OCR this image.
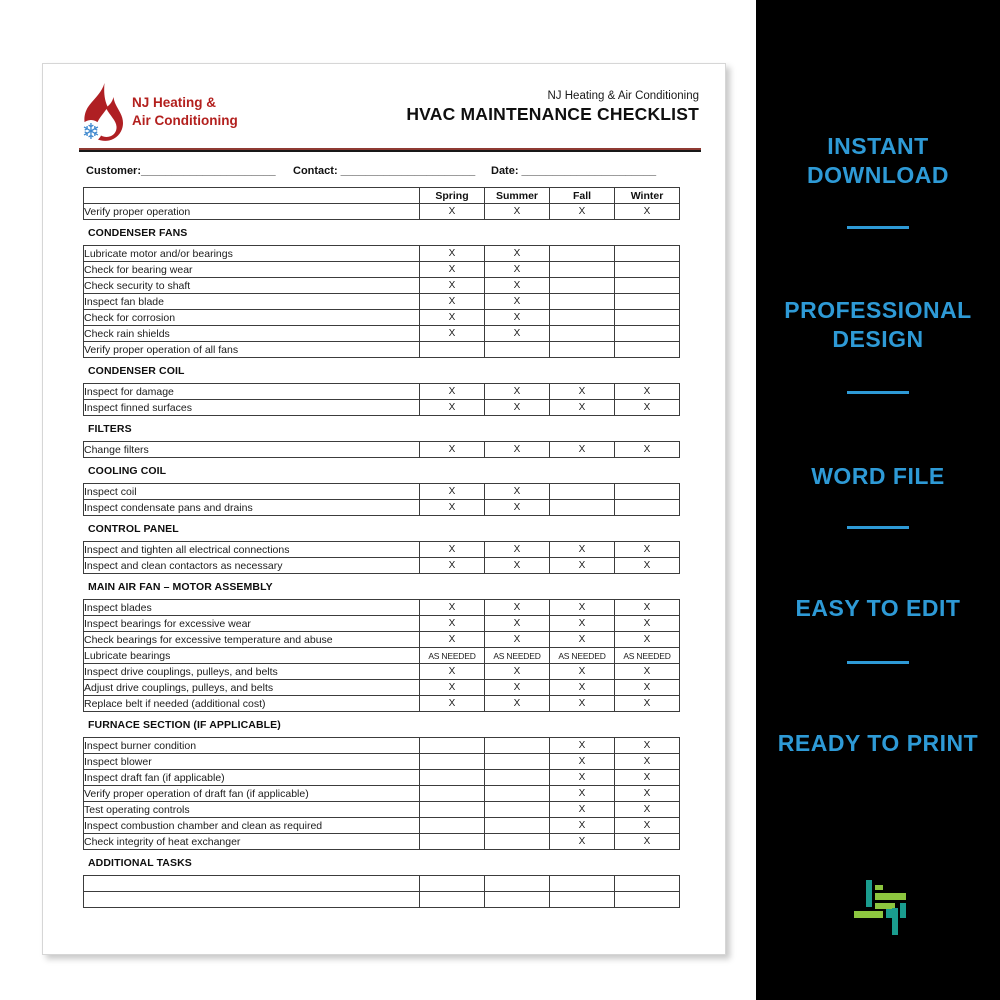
❄
NJ Heating &
Air Conditioning
NJ Heating & Air Conditioning
HVAC MAINTENANCE CHECKLIST
Customer:______________________ Contact: ______________________ Date: ______________________
	Spring	Summer	Fall	Winter
Verify proper operation	X	X	X	X
CONDENSER FANS
Lubricate motor and/or bearings	X	X		
Check for bearing wear	X	X		
Check security to shaft	X	X		
Inspect fan blade	X	X		
Check for corrosion	X	X		
Check rain shields	X	X		
Verify proper operation of all fans				
CONDENSER COIL
Inspect for damage	X	X	X	X
Inspect finned surfaces	X	X	X	X
FILTERS
Change filters	X	X	X	X
COOLING COIL
Inspect coil	X	X		
Inspect condensate pans and drains	X	X		
CONTROL PANEL
Inspect and tighten all electrical connections	X	X	X	X
Inspect and clean contactors as necessary	X	X	X	X
MAIN AIR FAN – MOTOR ASSEMBLY
Inspect blades	X	X	X	X
Inspect bearings for excessive wear	X	X	X	X
Check bearings for excessive temperature and abuse	X	X	X	X
Lubricate bearings	AS NEEDED	AS NEEDED	AS NEEDED	AS NEEDED
Inspect drive couplings, pulleys, and belts	X	X	X	X
Adjust drive couplings, pulleys, and belts	X	X	X	X
Replace belt if needed (additional cost)	X	X	X	X
FURNACE SECTION (IF APPLICABLE)
Inspect burner condition			X	X
Inspect blower			X	X
Inspect draft fan (if applicable)			X	X
Verify proper operation of draft fan (if applicable)			X	X
Test operating controls			X	X
Inspect combustion chamber and clean as required			X	X
Check integrity of heat exchanger			X	X
ADDITIONAL TASKS

INSTANT
DOWNLOAD
PROFESSIONAL
DESIGN
WORD FILE
EASY TO EDIT
READY TO PRINT
